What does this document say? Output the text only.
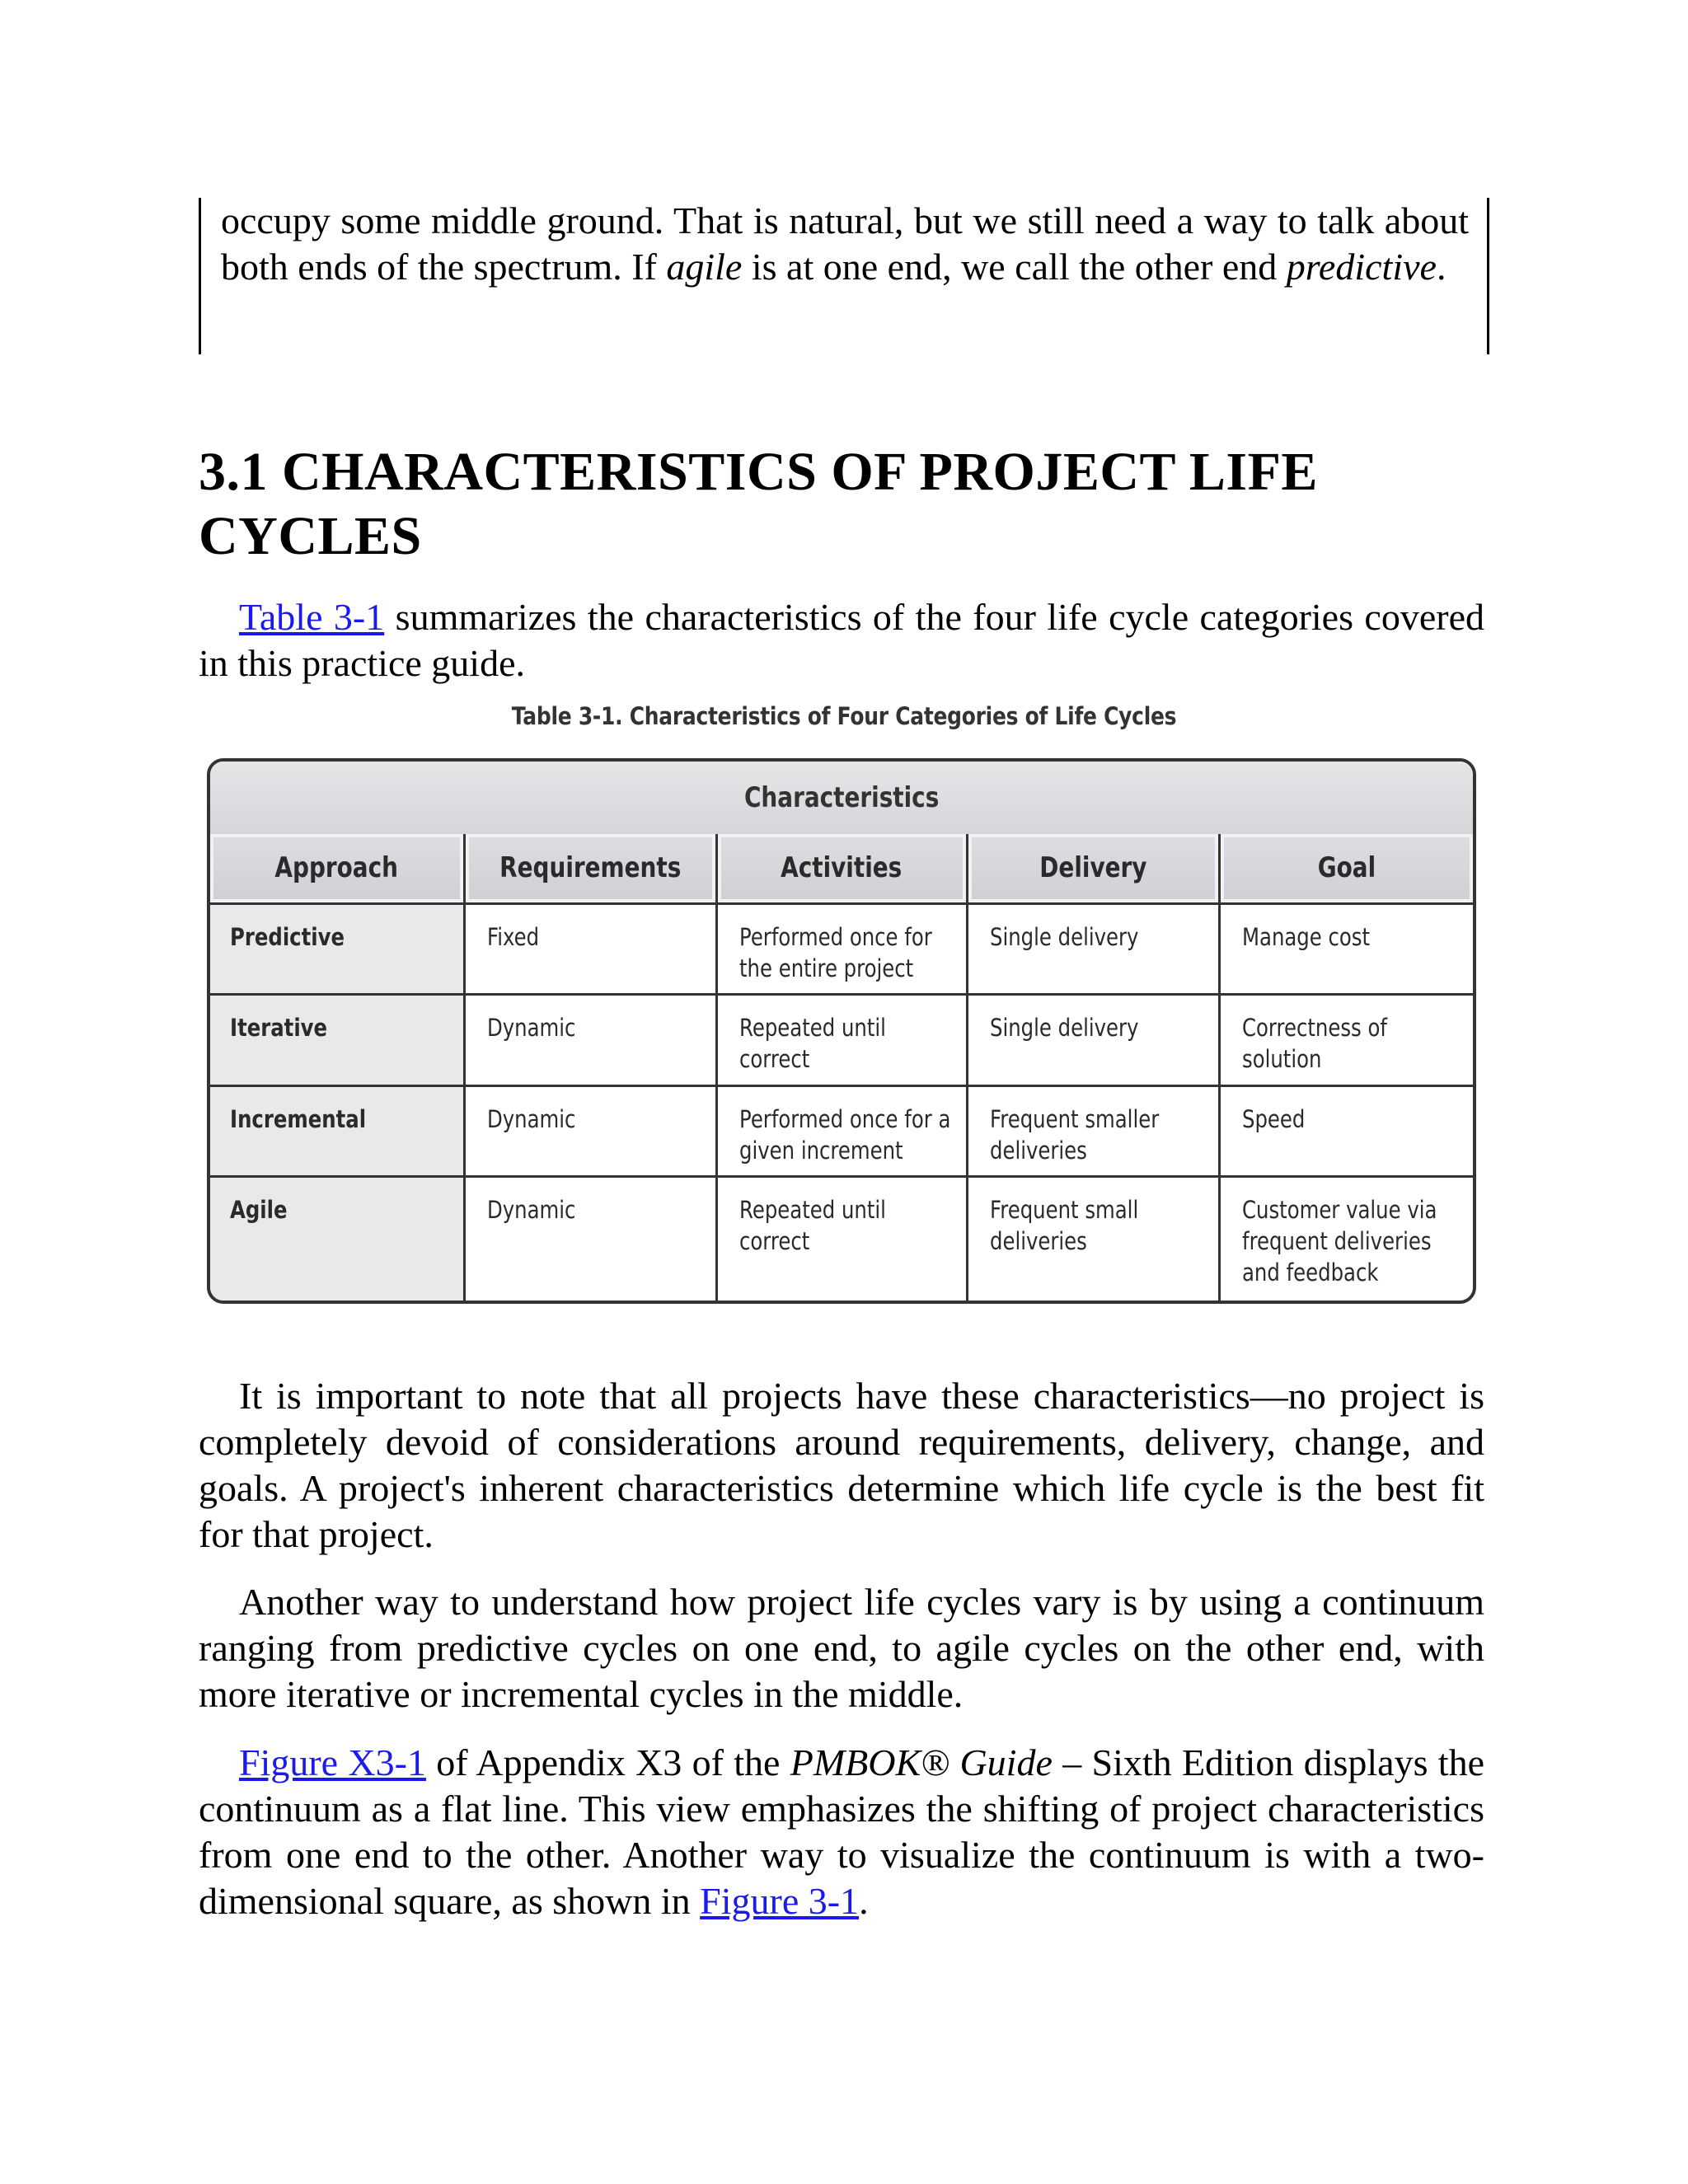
occupy some middle ground. That is natural, but we still need a way to talk about both ends of the spectrum. If agile is at one end, we call the other end predictive.

3.1 CHARACTERISTICS OF PROJECT LIFE CYCLES

Table 3-1 summarizes the characteristics of the four life cycle categories covered in this practice guide.

Table 3-1. Characteristics of Four Categories of Life Cycles
Characteristics
Approach	Requirements	Activities	Delivery	Goal
Predictive	Fixed	Performed once for the entire project	Single delivery	Manage cost
Iterative	Dynamic	Repeated until correct	Single delivery	Correctness of solution
Incremental	Dynamic	Performed once for a given increment	Frequent smaller deliveries	Speed
Agile	Dynamic	Repeated until correct	Frequent small deliveries	Customer value via frequent deliveries and feedback

It is important to note that all projects have these characteristics—no project is completely devoid of considerations around requirements, delivery, change, and goals. A project's inherent characteristics determine which life cycle is the best fit for that project.

Another way to understand how project life cycles vary is by using a continuum ranging from predictive cycles on one end, to agile cycles on the other end, with more iterative or incremental cycles in the middle.

Figure X3-1 of Appendix X3 of the PMBOK® Guide – Sixth Edition displays the continuum as a flat line. This view emphasizes the shifting of project characteristics from one end to the other. Another way to visualize the continuum is with a two-dimensional square, as shown in Figure 3-1.
